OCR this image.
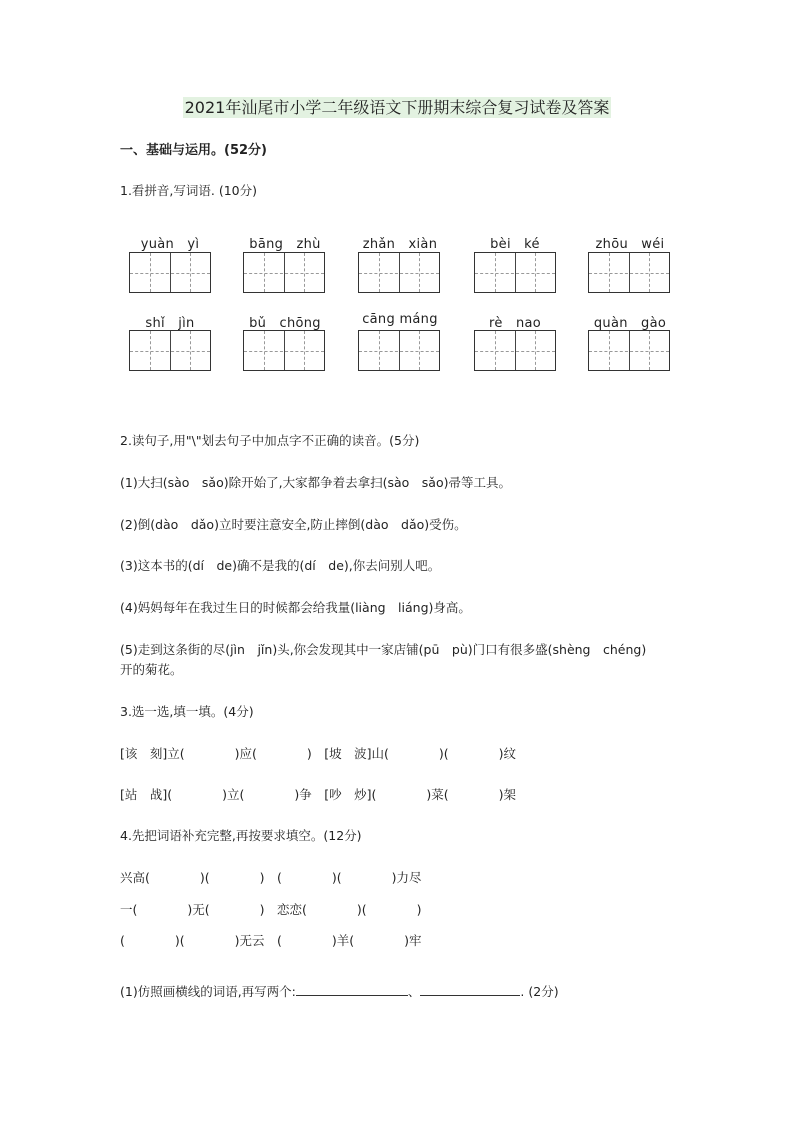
2021年汕尾市小学二年级语文下册期末综合复习试卷及答案
一、基础与运用。(52分)
1.看拼音,写词语. (10分)
yuàn　yì	bāng　zhù	zhǎn　xiàn	bèi　ké	zhōu　wéi
shǐ　jìn	bǔ　chōng	cāng máng	rè　nao	quàn　gào
2.读句子,用"\"划去句子中加点字不正确的读音。(5分)
(1)大扫(sào　sǎo)除开始了,大家都争着去拿扫(sào　sǎo)帚等工具。
(2)倒(dào　dǎo)立时要注意安全,防止摔倒(dào　dǎo)受伤。
(3)这本书的(dí　de)确不是我的(dí　de),你去问别人吧。
(4)妈妈每年在我过生日的时候都会给我量(liàng　liáng)身高。
(5)走到这条街的尽(jìn　jǐn)头,你会发现其中一家店铺(pū　pù)门口有很多盛(shèng　chéng)
开的菊花。
3.选一选,填一填。(4分)
[该　刻]立(　　　　)应(　　　　)　[坡　波]山(　　　　)(　　　　)纹
[站　战](　　　　)立(　　　　)争　[吵　炒](　　　　)菜(　　　　)架
4.先把词语补充完整,再按要求填空。(12分)
兴高(　　　　)(　　　　)　(　　　　)(　　　　)力尽
一(　　　　)无(　　　　)　恋恋(　　　　)(　　　　)
(　　　　)(　　　　)无云　(　　　　)羊(　　　　)牢
(1)仿照画横线的词语,再写两个:	、	. (2分)
